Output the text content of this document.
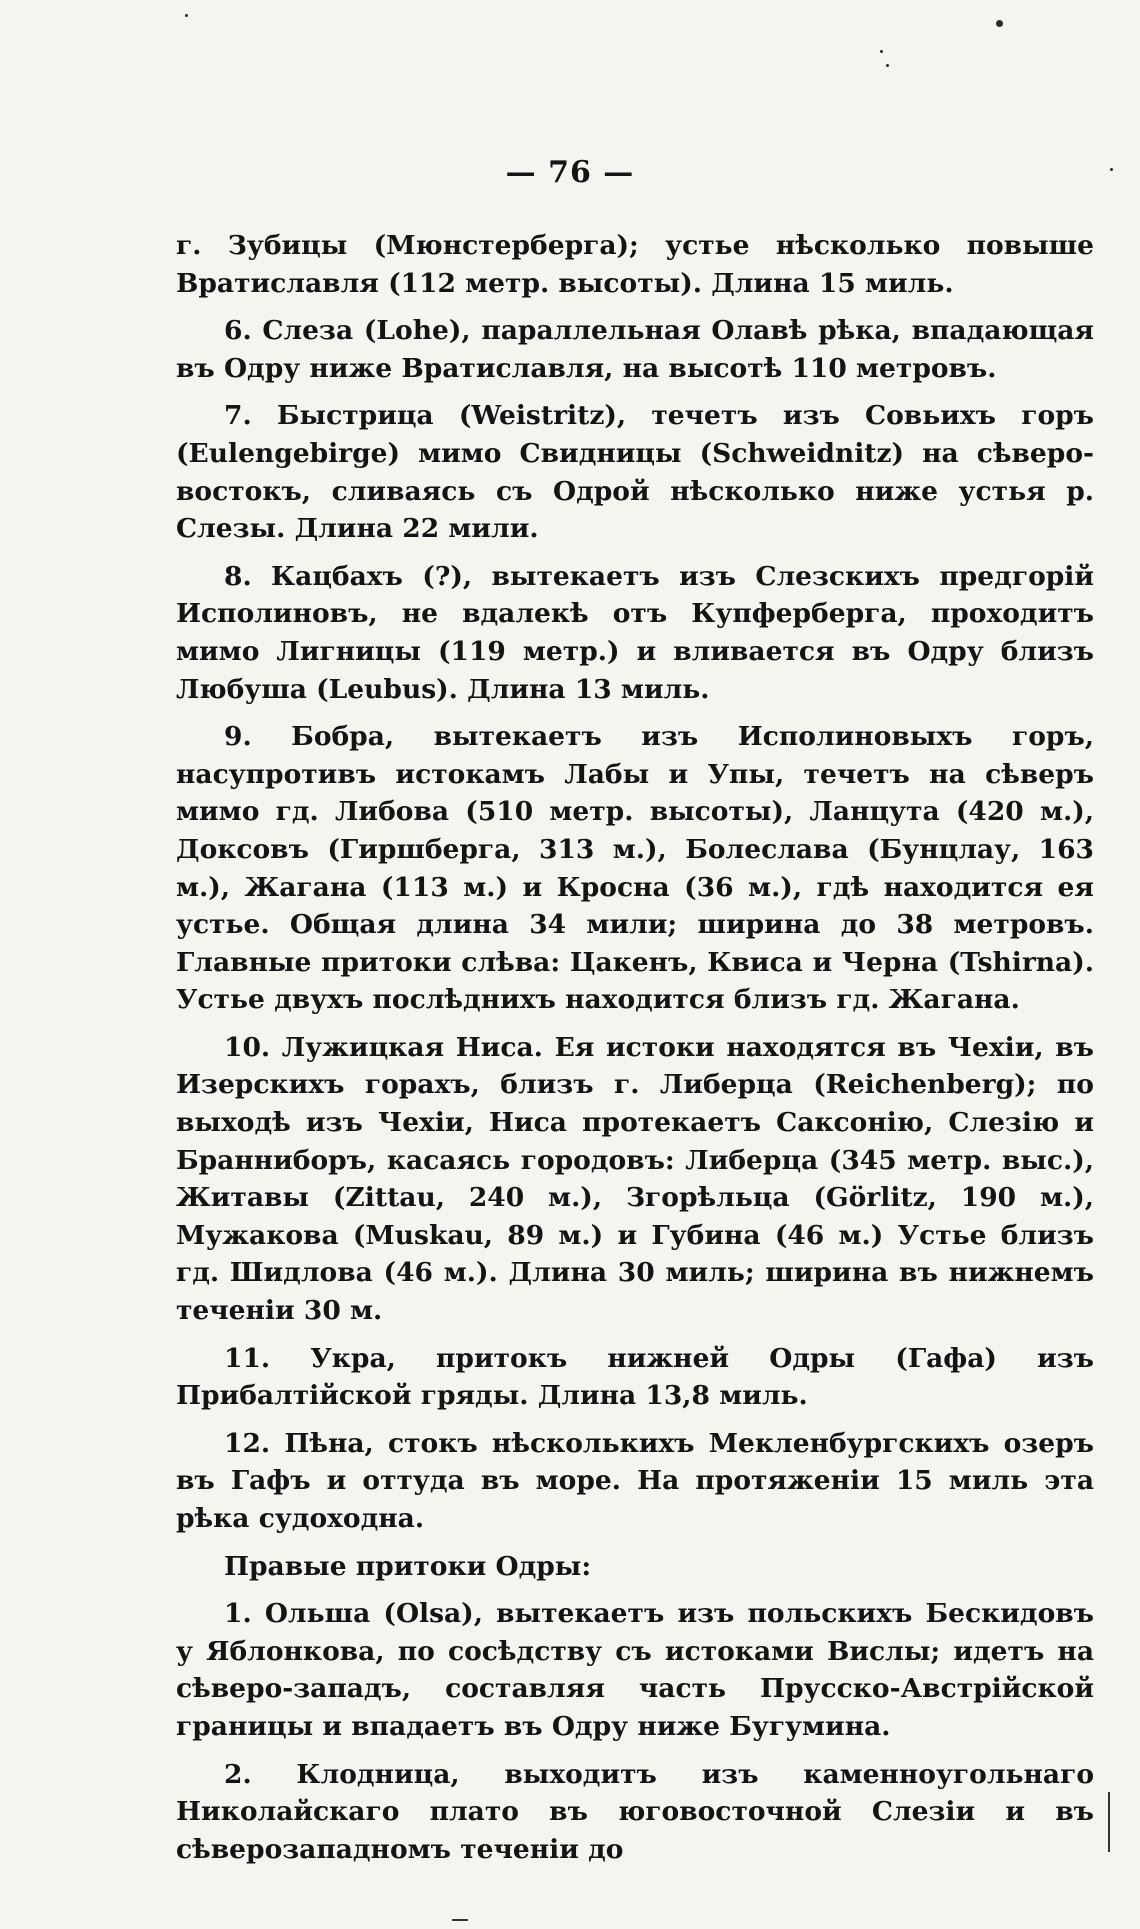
— 76 —

г. Зубицы (Мюнстерберга); устье нѣсколько повыше Вратиславля (112 метр. высоты). Длина 15 миль.

6. Слеза (Lohe), параллельная Олавѣ рѣка, впадающая въ Одру ниже Вратиславля, на высотѣ 110 метровъ.

7. Быстрица (Weistritz), течетъ изъ Совьихъ горъ (Eulengebirge) мимо Свидницы (Schweidnitz) на сѣверо-востокъ, сливаясь съ Одрой нѣсколько ниже устья р. Слезы. Длина 22 мили.

8. Кацбахъ (?), вытекаетъ изъ Слезскихъ предгорій Исполиновъ, не вдалекѣ отъ Купферберга, проходитъ мимо Лигницы (119 метр.) и вливается въ Одру близъ Любуша (Leubus). Длина 13 миль.

9. Бобра, вытекаетъ изъ Исполиновыхъ горъ, насупротивъ истокамъ Лабы и Упы, течетъ на сѣверъ мимо гд. Либова (510 метр. высоты), Ланцута (420 м.), Доксовъ (Гиршберга, 313 м.), Болеслава (Бунцлау, 163 м.), Жагана (113 м.) и Кросна (36 м.), гдѣ находится ея устье. Общая длина 34 мили; ширина до 38 метровъ. Главные притоки слѣва: Цакенъ, Квиса и Черна (Tshirna). Устье двухъ послѣднихъ находится близъ гд. Жагана.

10. Лужицкая Ниса. Ея истоки находятся въ Чехіи, въ Изерскихъ горахъ, близъ г. Либерца (Reichenberg); по выходѣ изъ Чехіи, Ниса протекаетъ Саксонію, Слезію и Бранниборъ, касаясь городовъ: Либерца (345 метр. выс.), Житавы (Zittau, 240 м.), Згорѣльца (Görlitz, 190 м.), Мужакова (Muskau, 89 м.) и Губина (46 м.) Устье близъ гд. Шидлова (46 м.). Длина 30 миль; ширина въ нижнемъ теченіи 30 м.

11. Укра, притокъ нижней Одры (Гафа) изъ Прибалтійской гряды. Длина 13,8 миль.

12. Пѣна, стокъ нѣсколькихъ Мекленбургскихъ озеръ въ Гафъ и оттуда въ море. На протяженіи 15 миль эта рѣка судоходна.

Правые притоки Одры:

1. Ольша (Olsa), вытекаетъ изъ польскихъ Бескидовъ у Яблонкова, по сосѣдству съ истоками Вислы; идетъ на сѣверо-западъ, составляя часть Прусско-Австрійской границы и впадаетъ въ Одру ниже Бугумина.

2. Клодница, выходитъ изъ каменноугольнаго Николайскаго плато въ юговосточной Слезіи и въ сѣверозападномъ теченіи до
